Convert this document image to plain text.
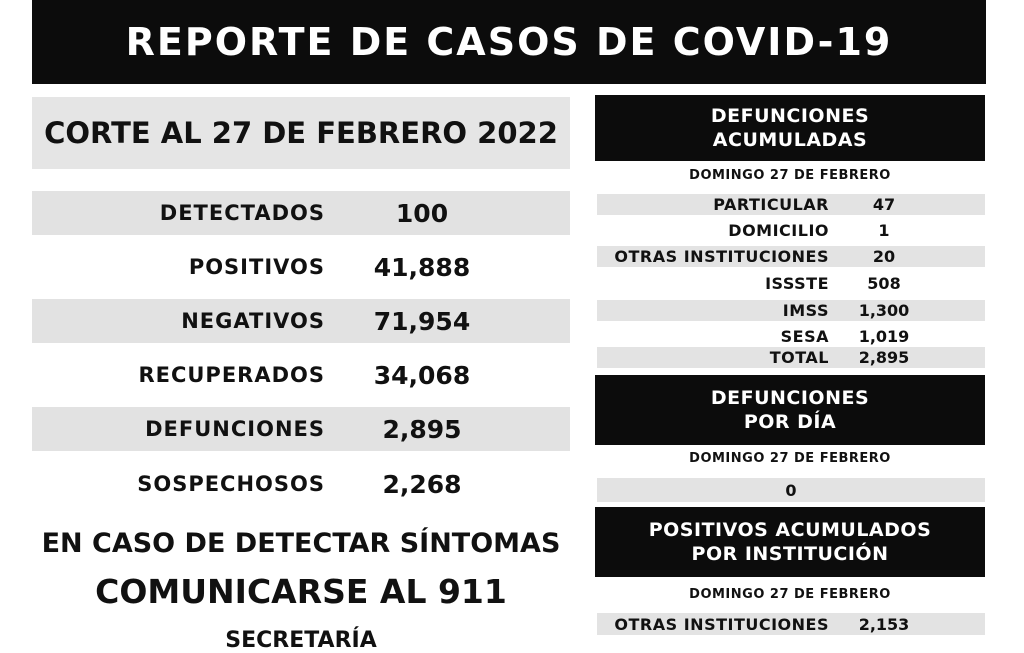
REPORTE DE CASOS DE COVID-19
CORTE AL 27 DE FEBRERO 2022
DETECTADOS	100
POSITIVOS	41,888
NEGATIVOS	71,954
RECUPERADOS	34,068
DEFUNCIONES	2,895
SOSPECHOSOS	2,268
EN CASO DE DETECTAR SÍNTOMAS
COMUNICARSE AL 911
SECRETARÍA
DEFUNCIONES
ACUMULADAS
DOMINGO 27 DE FEBRERO
PARTICULAR	47
DOMICILIO	1
OTRAS INSTITUCIONES	20
ISSSTE	508
IMSS	1,300
SESA	1,019
TOTAL	2,895
DEFUNCIONES
POR DÍA
DOMINGO 27 DE FEBRERO
0
POSITIVOS ACUMULADOS
POR INSTITUCIÓN
DOMINGO 27 DE FEBRERO
OTRAS INSTITUCIONES	2,153
